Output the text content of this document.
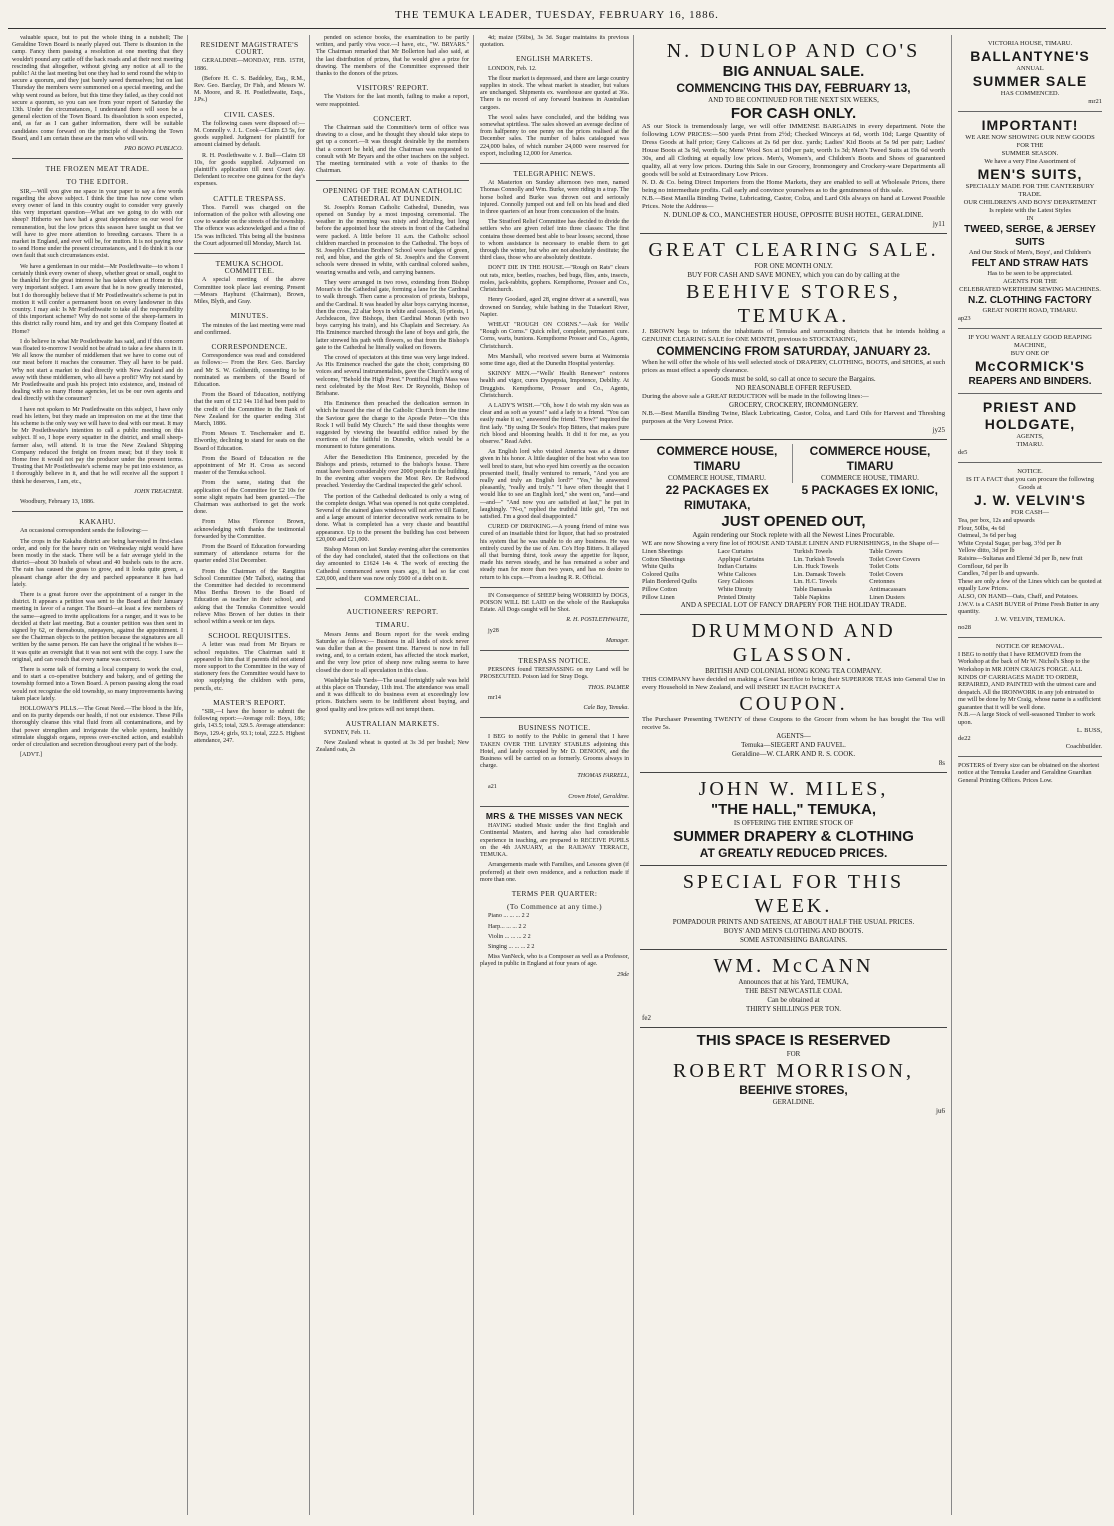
THE TEMUKA LEADER, TUESDAY, FEBRUARY 16, 1886.

valuable space, but to put the whole thing in a nutshell; The Geraldine Town Board is nearly played out. There is disunion in the camp. Fancy them passing a resolution at one meeting that they wouldn't pound any cattle off the back roads and at their next meeting rescinding that altogether, without giving any notice at all to the public! At the last meeting but one they had to send round the whip to secure a quorum, and they just barely saved themselves; but on last Thursday the members were summoned on a special meeting, and the whip went round as before, but this time they failed, as they could not secure a quorum, so you can see from your report of Saturday the 13th. Under the circumstances, I understand there will soon be a general election of the Town Board. Its dissolution is soon expected, and, as far as I can gather information, there will be suitable candidates come forward on the principle of dissolving the Town Board, and I am certain these are the men who will win.

PRO BONO PUBLICO.

THE FROZEN MEAT TRADE.
TO THE EDITOR.

SIR,—Will you give me space in your paper to say a few words regarding the above subject. I think the time has now come when every owner of land in this country ought to consider very gravely this very important question—What are we going to do with our sheep? Hitherto we have had a great dependence on our wool for remuneration, but the low prices this season have taught us that we will have to give more attention to breeding carcases. There is a market in England, and ever will be, for mutton. It is not paying now to send Home under the present circumstances, and I do think it is our own fault that such circumstances exist.

We have a gentleman in our midst—Mr Postlethwaite—to whom I certainly think every owner of sheep, whether great or small, ought to be thankful for the great interest he has taken when at Home in this very important subject. I am aware that he is now greatly interested, but I do thoroughly believe that if Mr Postlethwaite's scheme is put in motion it will confer a permanent boon on every landowner in this country. I may ask: Is Mr Postlethwaite to take all the responsibility of this important scheme? Why do not some of the sheep-farmers in this district rally round him, and try and get this Company floated at Home?

I do believe in what Mr Postlethwaite has said, and if this concern was floated to-morrow I would not be afraid to take a few shares in it. We all know the number of middlemen that we have to come out of our meat before it reaches the consumer. They all have to be paid. Why not start a market to deal directly with New Zealand and do away with these middlemen, who all have a profit? Why not stand by Mr Postlethwaite and push his project into existence, and, instead of dealing with so many Home agencies, let us be our own agents and deal directly with the consumer?

I have not spoken to Mr Postlethwaite on this subject, I have only read his letters, but they made an impression on me at the time that his scheme is the only way we will have to deal with our meat. It may be Mr Postlethwaite's intention to call a public meeting on this subject. If so, I hope every squatter in the district, and small sheep-farmer also, will attend. It is true the New Zealand Shipping Company reduced the freight on frozen meat; but if they took it Home free it would not pay the producer under the present terms. Trusting that Mr Postlethwaite's scheme may be put into existence, as I thoroughly believe in it, and that he will receive all the support I think he deserves, I am, etc.,

JOHN TREACHER.

Woodbury, February 13, 1886.

KAKAHU.

An occasional correspondent sends the following:—

The crops in the Kakahu district are being harvested in first-class order, and only for the heavy rain on Wednesday night would have been mostly in the stack. There will be a fair average yield in the district—about 30 bushels of wheat and 40 bushels oats to the acre. The rain has caused the grass to grow, and it looks quite green, a pleasant change after the dry and parched appearance it has had lately.

There is a great furore over the appointment of a ranger in the district. It appears a petition was sent to the Board at their January meeting in favor of a ranger. The Board—at least a few members of the same—agreed to invite applications for a ranger, and it was to be decided at their last meeting. But a counter petition was then sent in signed by 62, or thereabouts, ratepayers, against the appointment. I see the Chairman objects to the petition because the signatures are all written by the same person. He can have the original if he wishes it—it was quite an oversight that it was not sent with the copy. I saw the original, and can vouch that every name was correct.

There is some talk of forming a local company to work the coal, and to start a co-operative butchery and bakery, and of getting the township formed into a Town Board. A person passing along the road would not recognise the old township, so many improvements having taken place lately.

HOLLOWAY'S PILLS.—The Great Need.—The blood is the life, and on its purity depends our health, if not our existence. These Pills thoroughly cleanse this vital fluid from all contaminations, and by that power strengthen and invigorate the whole system, healthily stimulate sluggish organs, repress over-excited action, and establish order of circulation and secretion throughout every part of the body.

[ADVT.]

RESIDENT MAGISTRATE'S COURT.

GERALDINE—MONDAY, FEB. 15TH, 1886.

(Before H. C. S. Baddeley, Esq., R.M., Rev. Geo. Barclay, Dr Fish, and Messrs W. M. Moore, and R. H. Postlethwaite, Esqs., J.Ps.)

CIVIL CASES.

The following cases were disposed of:—M. Connolly v. J. L. Cook—Claim £3 5s, for goods supplied. Judgment for plaintiff for amount claimed by default.

R. H. Postlethwaite v. J. Bull—Claim £8 10s, for goods supplied. Adjourned on plaintiff's application till next Court day. Defendant to receive one guinea for the day's expenses.

CATTLE TRESPASS.

Thos. Farrell was charged on the information of the police with allowing one cow to wander on the streets of the township. The offence was acknowledged and a fine of 15s was inflicted. This being all the business the Court adjourned till Monday, March 1st.

TEMUKA SCHOOL COMMITTEE.

A special meeting of the above Committee took place last evening. Present—Messrs Hayhurst (Chairman), Brown, Miles, Blyth, and Gray.

MINUTES.

The minutes of the last meeting were read and confirmed.

CORRESPONDENCE.

Correspondence was read and considered as follows:— From the Rev. Geo. Barclay and Mr S. W. Goldsmith, consenting to be nominated as members of the Board of Education.

From the Board of Education, notifying that the sum of £12 14s 11d had been paid to the credit of the Committee in the Bank of New Zealand for the quarter ending 31st March, 1886.

From Messrs T. Teschemaker and E. Elworthy, declining to stand for seats on the Board of Education.

From the Board of Education re the appointment of Mr H. Cross as second master of the Temuka school.

From the same, stating that the application of the Committee for £2 10s for some slight repairs had been granted.—The Chairman was authorised to get the work done.

From Miss Florence Brown, acknowledging with thanks the testimonial forwarded by the Committee.

From the Board of Education forwarding summary of attendance returns for the quarter ended 31st December.

From the Chairman of the Rangitira School Committee (Mr Talbot), stating that the Committee had decided to recommend Miss Bertha Brown to the Board of Education as teacher in their school, and asking that the Temuka Committee would relieve Miss Brown of her duties in their school within a week or ten days.

SCHOOL REQUISITES.

A letter was read from Mr Bryars re school requisites. The Chairman said it appeared to him that if parents did not attend more support to the Committee in the way of stationery fees the Committee would have to stop supplying the children with pens, pencils, etc.

MASTER'S REPORT.

"SIR,—I have the honor to submit the following report:—Average roll: Boys, 186; girls, 143.5; total, 329.5. Average attendance: Boys, 129.4; girls, 93.1; total, 222.5. Highest attendance, 247.

pended on science books, the examination to be partly written, and partly viva voce.—I have, etc., "W. BRYARS." The Chairman remarked that Mr Bollerton had also said, at the last distribution of prizes, that he would give a prize for drawing. The members of the Committee expressed their thanks to the donors of the prizes.

VISITORS' REPORT.

The Visitors for the last month, failing to make a report, were reappointed.

CONCERT.

The Chairman said the Committee's term of office was drawing to a close, and he thought they should take steps to get up a concert.—It was thought desirable by the members that a concert be held, and the Chairman was requested to consult with Mr Bryars and the other teachers on the subject. The meeting terminated with a vote of thanks to the Chairman.

OPENING OF THE ROMAN CATHOLIC CATHEDRAL AT DUNEDIN.

St. Joseph's Roman Catholic Cathedral, Dunedin, was opened on Sunday by a most imposing ceremonial. The weather in the morning was misty and drizzling, but long before the appointed hour the streets in front of the Cathedral were packed. A little before 11 a.m. the Catholic school children marched in procession to the Cathedral. The boys of St. Joseph's Christian Brothers' School wore badges of green, red, and blue, and the girls of St. Joseph's and the Convent schools were dressed in white, with cardinal colored sashes, wearing wreaths and veils, and carrying banners.

They were arranged in two rows, extending from Bishop Moran's to the Cathedral gate, forming a lane for the Cardinal to walk through. Then came a procession of priests, bishops, and the Cardinal. It was headed by altar boys carrying incense, then the cross, 22 altar boys in white and cassock, 16 priests, 1 Archdeacon, five Bishops, then Cardinal Moran (with two boys carrying his train), and his Chaplain and Secretary. As His Eminence marched through the lane of boys and girls, the latter strewed his path with flowers, so that from the Bishop's gate to the Cathedral he literally walked on flowers.

The crowd of spectators at this time was very large indeed. As His Eminence reached the gate the choir, comprising 80 voices and several instrumentalists, gave the Church's song of welcome, "Behold the High Priest." Pontifical High Mass was next celebrated by the Most Rev. Dr Reynolds, Bishop of Brisbane.

His Eminence then preached the dedication sermon in which he traced the rise of the Catholic Church from the time the Saviour gave the charge to the Apostle Peter—"On this Rock I will build My Church." He said these thoughts were suggested by viewing the beautiful edifice raised by the exertions of the faithful in Dunedin, which would be a monument to future generations.

After the Benediction His Eminence, preceded by the Bishops and priests, returned to the bishop's house. There must have been considerably over 2000 people in the building. In the evening after vespers the Most Rev. Dr Redwood preached. Yesterday the Cardinal inspected the girls' school.

The portion of the Cathedral dedicated is only a wing of the complete design. What was opened is not quite completed. Several of the stained glass windows will not arrive till Easter, and a large amount of interior decorative work remains to be done. What is completed has a very chaste and beautiful appearance. Up to the present the building has cost between £20,000 and £21,000.

Bishop Moran on last Sunday evening after the ceremonies of the day had concluded, stated that the collections on that day amounted to £1624 14s 4. The work of erecting the Cathedral commenced seven years ago, it had so far cost £20,000, and there was now only £600 of a debt on it.

COMMERCIAL.
AUCTIONEERS' REPORT.
TIMARU.

Messrs Jenns and Bourn report for the week ending Saturday as follows:— Business in all kinds of stock never was duller than at the present time. Harvest is now in full swing, and, to a certain extent, has affected the stock market, and the very low price of sheep now ruling seems to have closed the door to all speculation in this class.

Washdyke Sale Yards—The usual fortnightly sale was held at this place on Thursday, 11th inst. The attendance was small and it was difficult to do business even at exceedingly low prices. Butchers seem to be indifferent about buying, and good quality and low prices will not tempt them.

AUSTRALIAN MARKETS.

SYDNEY, Feb. 11.

New Zealand wheat is quoted at 3s 3d per bushel; New Zealand oats, 2s

4d; maize (56lbs), 3s 3d. Sugar maintains its previous quotation.

ENGLISH MARKETS.

LONDON, Feb. 12.

The flour market is depressed, and there are large country supplies in stock. The wheat market is steadier, but values are unchanged. Shipments ex. warehouse are quoted at 36s. There is no record of any forward business in Australian cargoes.

The wool sales have concluded, and the bidding was somewhat spiritless. The sales showed an average decline of from halfpenny to one penny on the prices realised at the December sales. The number of bales catalogued was 224,000 bales, of which number 24,000 were reserved for export, including 12,000 for America.

TELEGRAPHIC NEWS.

At Masterton on Sunday afternoon two men, named Thomas Connolly and Wm. Burke, were riding in a trap. The horse bolted and Burke was thrown out and seriously injured. Connolly jumped out and fell on his head and died in three quarters of an hour from concussion of the brain.

The Stratford Relief Committee has decided to divide the settlers who are given relief into three classes: The first contains those deemed best able to bear losses; second, those to whom assistance is necessary to enable them to get through the winter, but who are not absolutely destitute; the third class, those who are absolutely destitute.

DON'T DIE IN THE HOUSE.—"Rough on Rats" clears out rats, mice, beetles, roaches, bed bugs, flies, ants, insects, moles, jack-rabbits, gophers. Kempthorne, Prosser and Co., Christchurch.

Henry Goodard, aged 28, engine driver at a sawmill, was drowned on Sunday, while bathing in the Tutaekuri River, Napier.

WHEAT "ROUGH ON CORNS."—Ask for Wells' "Rough on Corns." Quick relief, complete, permanent cure. Corns, warts, bunions. Kempthorne Prosser and Co., Agents, Christchurch.

Mrs Marshall, who received severe burns at Waimomia some time ago, died at the Dunedin Hospital yesterday.

SKINNY MEN.—"Wells' Health Renewer" restores health and vigor, cures Dyspepsia, Impotence, Debility. At Druggists. Kempthorne, Prosser and Co., Agents, Christchurch.

A LADY'S WISH.—"Oh, how I do wish my skin was as clear and as soft as yours!" said a lady to a friend. "You can easily make it so," answered the friend. "How?" inquired the first lady. "By using Dr Soule's Hop Bitters, that makes pure rich blood and blooming health. It did it for me, as you observe." Read Advt.

An English lord who visited America was at a dinner given in his honor. A little daughter of the host who was too well bred to stare, but who eyed him covertly as the occasion presented itself, finally ventured to remark, "And you are really and truly an English lord?" "Yes," he answered pleasantly, "really and truly." "I have often thought that I would like to see an English lord," she went on, "and—and—and—" "And now you are satisfied at last," he put in laughingly. "N-o," replied the truthful little girl, "I'm not satisfied. I'm a good deal disappointed."

CURED OF DRINKING.—A young friend of mine was cured of an insatiable thirst for liquor, that had so prostrated his system that he was unable to do any business. He was entirely cured by the use of Am. Co's Hop Bitters. It allayed all that burning thirst, took away the appetite for liquor, made his nerves steady, and he has remained a sober and steady man for more than two years, and has no desire to return to his cups.—From a leading R. R. Official.

IN Consequence of SHEEP being WORRIED by DOGS, POISON WILL BE LAID on the whole of the Raukapuka Estate. All Dogs caught will be Shot.

R. H. POSTLETHWAITE,

jy28

Manager.

TRESPASS NOTICE.

PERSONS found TRESPASSING on my Land will be PROSECUTED. Poison laid for Stray Dogs.

THOS. PALMER

mr14

Cale Bay, Temuka.

BUSINESS NOTICE.

I BEG to notify to the Public in general that I have TAKEN OVER THE LIVERY STABLES adjoining this Hotel, and lately occupied by Mr D. DENOON, and the Business will be carried on as formerly. Grooms always in charge.

THOMAS FARRELL,

a21

Crown Hotel, Geraldine.

MRS & THE MISSES VAN NECK

HAVING studied Music under the first English and Continental Masters, and having also had considerable experience in teaching, are prepared to RECEIVE PUPILS on the 4th JANUARY, at the RAILWAY TERRACE, TEMUKA.

Arrangements made with Families, and Lessons given (if preferred) at their own residence, and a reduction made if more than one.

TERMS PER QUARTER:
(To Commence at any time.)

Piano ... ... ... 2 2

Harp... ... ... 2 2

Violin ... ... ... 2 2

Singing ... ... ... 2 2

Miss VanNeck, who is a Composer as well as a Professor, played in public in England at four years of age.

29de

N. DUNLOP AND CO'S
BIG ANNUAL SALE.
COMMENCING THIS DAY, FEBRUARY 13,
AND TO BE CONTINUED FOR THE NEXT SIX WEEKS,
FOR CASH ONLY.
AS our Stock is tremendously large, we will offer IMMENSE BARGAINS in every department. Note the following LOW PRICES:—500 yards Print from 2½d; Checked Winceys at 6d, worth 10d; Large Quantity of Dress Goods at half price; Grey Calicoes at 2s 6d per doz. yards; Ladies' Kid Boots at 5s 9d per pair; Ladies' House Boots at 3s 9d, worth 6s; Mens' Wool Sox at 10d per pair, worth 1s 3d; Men's Tweed Suits at 19s 6d worth 30s, and all Clothing at equally low prices. Men's, Women's, and Children's Boots and Shoes of guaranteed quality, all at very low prices. During this Sale in our Grocery, Ironmongery and Crockery-ware Departments all goods will be sold at Extraordinary Low Prices.
N. D. & Co. being Direct Importers from the Home Markets, they are enabled to sell at Wholesale Prices, there being no intermediate profits. Call early and convince yourselves as to the genuineness of this sale.
N.B.—Best Manilla Binding Twine, Lubricating, Castor, Colza, and Lard Oils always on hand at Lowest Possible Prices. Note the Address—
N. DUNLOP & CO., MANCHESTER HOUSE, OPPOSITE BUSH HOTEL, GERALDINE.
jy11
GREAT CLEARING SALE.
FOR ONE MONTH ONLY.
BUY FOR CASH AND SAVE MONEY, which you can do by calling at the
BEEHIVE STORES, TEMUKA.
J. BROWN begs to inform the inhabitants of Temuka and surrounding districts that he intends holding a GENUINE CLEARING SALE for ONE MONTH, previous to STOCKTAKING,
COMMENCING FROM SATURDAY, JANUARY 23.
When he will offer the whole of his well selected stock of DRAPERY, CLOTHING, BOOTS, and SHOES, at such prices as must effect a speedy clearance.
Goods must be sold, so call at once to secure the Bargains.
NO REASONABLE OFFER REFUSED.
During the above sale a GREAT REDUCTION will be made in the following lines:—
GROCERY, CROCKERY, IRONMONGERY.
N.B.—Best Manilla Binding Twine, Black Lubricating, Castor, Colza, and Lard Oils for Harvest and Threshing purposes at the Very Lowest Price.
jy25
COMMERCE HOUSE, TIMARU
COMMERCE HOUSE, TIMARU.
COMMERCE HOUSE, TIMARU
COMMERCE HOUSE, TIMARU.
22 PACKAGES EX RIMUTAKA,
5 PACKAGES EX IONIC,
JUST OPENED OUT,
Again rendering our Stock replete with all the Newest Lines Procurable.
WE are now Showing a very fine lot of HOUSE AND TABLE LINEN AND FURNISHINGS, in the Shape of—
Linen Sheetings	Lace Curtains	Turkish Towels	Table Covers
Cotton Sheetings	Appliqué Curtains	Lin. Turkish Towels	Toilet Cover Covers
White Quilts	Indian Curtains	Lin. Huck Towels	Toilet Cotts
Colored Quilts	White Calicoes	Lin. Damask Towels	Toilet Covers
Plain Bordered Quilts	Grey Calicoes	Lin. H.C. Towels	Cretonnes
Pillow Cotton	White Dimity	Table Damasks	Antimacassars
Pillow Linen	Printed Dimity	Table Napkins	Linen Dusters
AND A SPECIAL LOT OF FANCY DRAPERY FOR THE HOLIDAY TRADE.
DRUMMOND AND GLASSON.
BRITISH AND COLONIAL HONG KONG TEA COMPANY.
THIS COMPANY have decided on making a Great Sacrifice to bring their SUPERIOR TEAS into General Use in every Household in New Zealand, and will INSERT IN EACH PACKET A
COUPON.
The Purchaser Presenting TWENTY of these Coupons to the Grocer from whom he has bought the Tea will receive 5s.
AGENTS—
Temuka—SIEGERT AND FAUVEL.
Geraldine—W. CLARK AND R. S. COOK.
8s
JOHN W. MILES,
"THE HALL," TEMUKA,
IS OFFERING THE ENTIRE STOCK OF
SUMMER DRAPERY & CLOTHING
AT GREATLY REDUCED PRICES.
SPECIAL FOR THIS WEEK.
POMPADOUR PRINTS AND SATEENS, AT ABOUT HALF THE USUAL PRICES.
BOYS' AND MEN'S CLOTHING AND BOOTS.
SOME ASTONISHING BARGAINS.
WM. McCANN
Announces that at his Yard, TEMUKA,
THE BEST NEWCASTLE COAL
Can be obtained at
THIRTY SHILLINGS PER TON.
fe2
THIS SPACE IS RESERVED
FOR
ROBERT MORRISON,
BEEHIVE STORES,
GERALDINE.
ju6
VICTORIA HOUSE, TIMARU.
BALLANTYNE'S
ANNUAL
SUMMER SALE
HAS COMMENCED.
mr21
IMPORTANT!
WE ARE NOW SHOWING OUR NEW GOODS
FOR THE
SUMMER SEASON.
We have a very Fine Assortment of
MEN'S SUITS,
SPECIALLY MADE FOR THE CANTERBURY TRADE.
OUR CHILDREN'S AND BOYS' DEPARTMENT
Is replete with the Latest Styles
IN
TWEED, SERGE, & JERSEY SUITS
And Our Stock of Men's, Boys', and Children's
FELT AND STRAW HATS
Has to be seen to be appreciated.
AGENTS FOR THE
CELEBRATED WERTHEIM SEWING MACHINES.
N.Z. CLOTHING FACTORY
GREAT NORTH ROAD, TIMARU.
ap23
IF YOU WANT A REALLY GOOD REAPING MACHINE,
BUY ONE OF
McCORMICK'S
REAPERS AND BINDERS.
PRIEST AND HOLDGATE,
AGENTS,
TIMARU.
de5
NOTICE.
IS IT A FACT that you can procure the following Goods at
J. W. VELVIN'S
FOR CASH—
Tea, per box, 12s and upwards
Flour, 50lbs, 4s 6d
Oatmeal, 3s 6d per bag
White Crystal Sugar, per bag, 3½d per lb
Yellow ditto, 3d per lb
Raisins—Sultanas and Elemé 3d per lb, new fruit
Cornflour, 6d per lb
Candles, 7d per lb and upwards.
These are only a few of the Lines which can be quoted at equally Low Prices.
ALSO, ON HAND—Oats, Chaff, and Potatoes.
J.W.V. is a CASH BUYER of Prime Fresh Butter in any quantity.
J. W. VELVIN, TEMUKA.
no28
NOTICE OF REMOVAL.
I BEG to notify that I have REMOVED from the Workshop at the back of Mr W. Nichol's Shop to the Workshop in MR JOHN CRAIG'S FORGE. ALL KINDS OF CARRIAGES MADE TO ORDER, REPAIRED, AND PAINTED with the utmost care and despatch. All the IRONWORK in any job entrusted to me will be done by Mr Craig, whose name is a sufficient guarantee that it will be well done.
N.B.—A large Stock of well-seasoned Timber to work upon.
L. BUSS,
de22
Coachbuilder.
POSTERS of Every size can be obtained on the shortest notice at the Temuka Leader and Geraldine Guardian General Printing Offices. Prices Low.
